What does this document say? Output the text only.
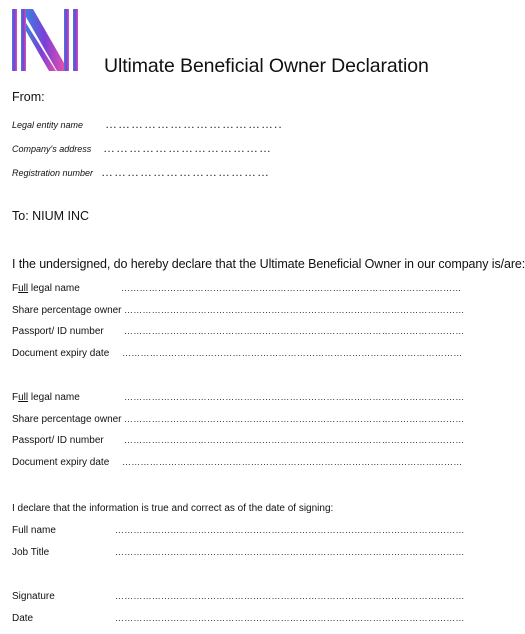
Ultimate Beneficial Owner Declaration
From:
Legal entity name	…………………………………..
Company's address …………………………………
Registration number …………………………………
To: NIUM INC
I the undersigned, do hereby declare that the Ultimate Beneficial Owner in our company is/are:
Full legal name	…………………………………………………………………………………………………
Share percentage owner …………………………………………………………………………………………………
Passport/ ID number	…………………………………………………………………………………………………
Document expiry date	…………………………………………………………………………………………………
Full legal name	…………………………………………………………………………………………………
Share percentage owner …………………………………………………………………………………………………
Passport/ ID number	…………………………………………………………………………………………………
Document expiry date	…………………………………………………………………………………………………
I declare that the information is true and correct as of the date of signing:
Full name	……………………………………………………………………………………………………
Job Title	……………………………………………………………………………………………………
Signature	……………………………………………………………………………………………………
Date	……………………………………………………………………………………………………
